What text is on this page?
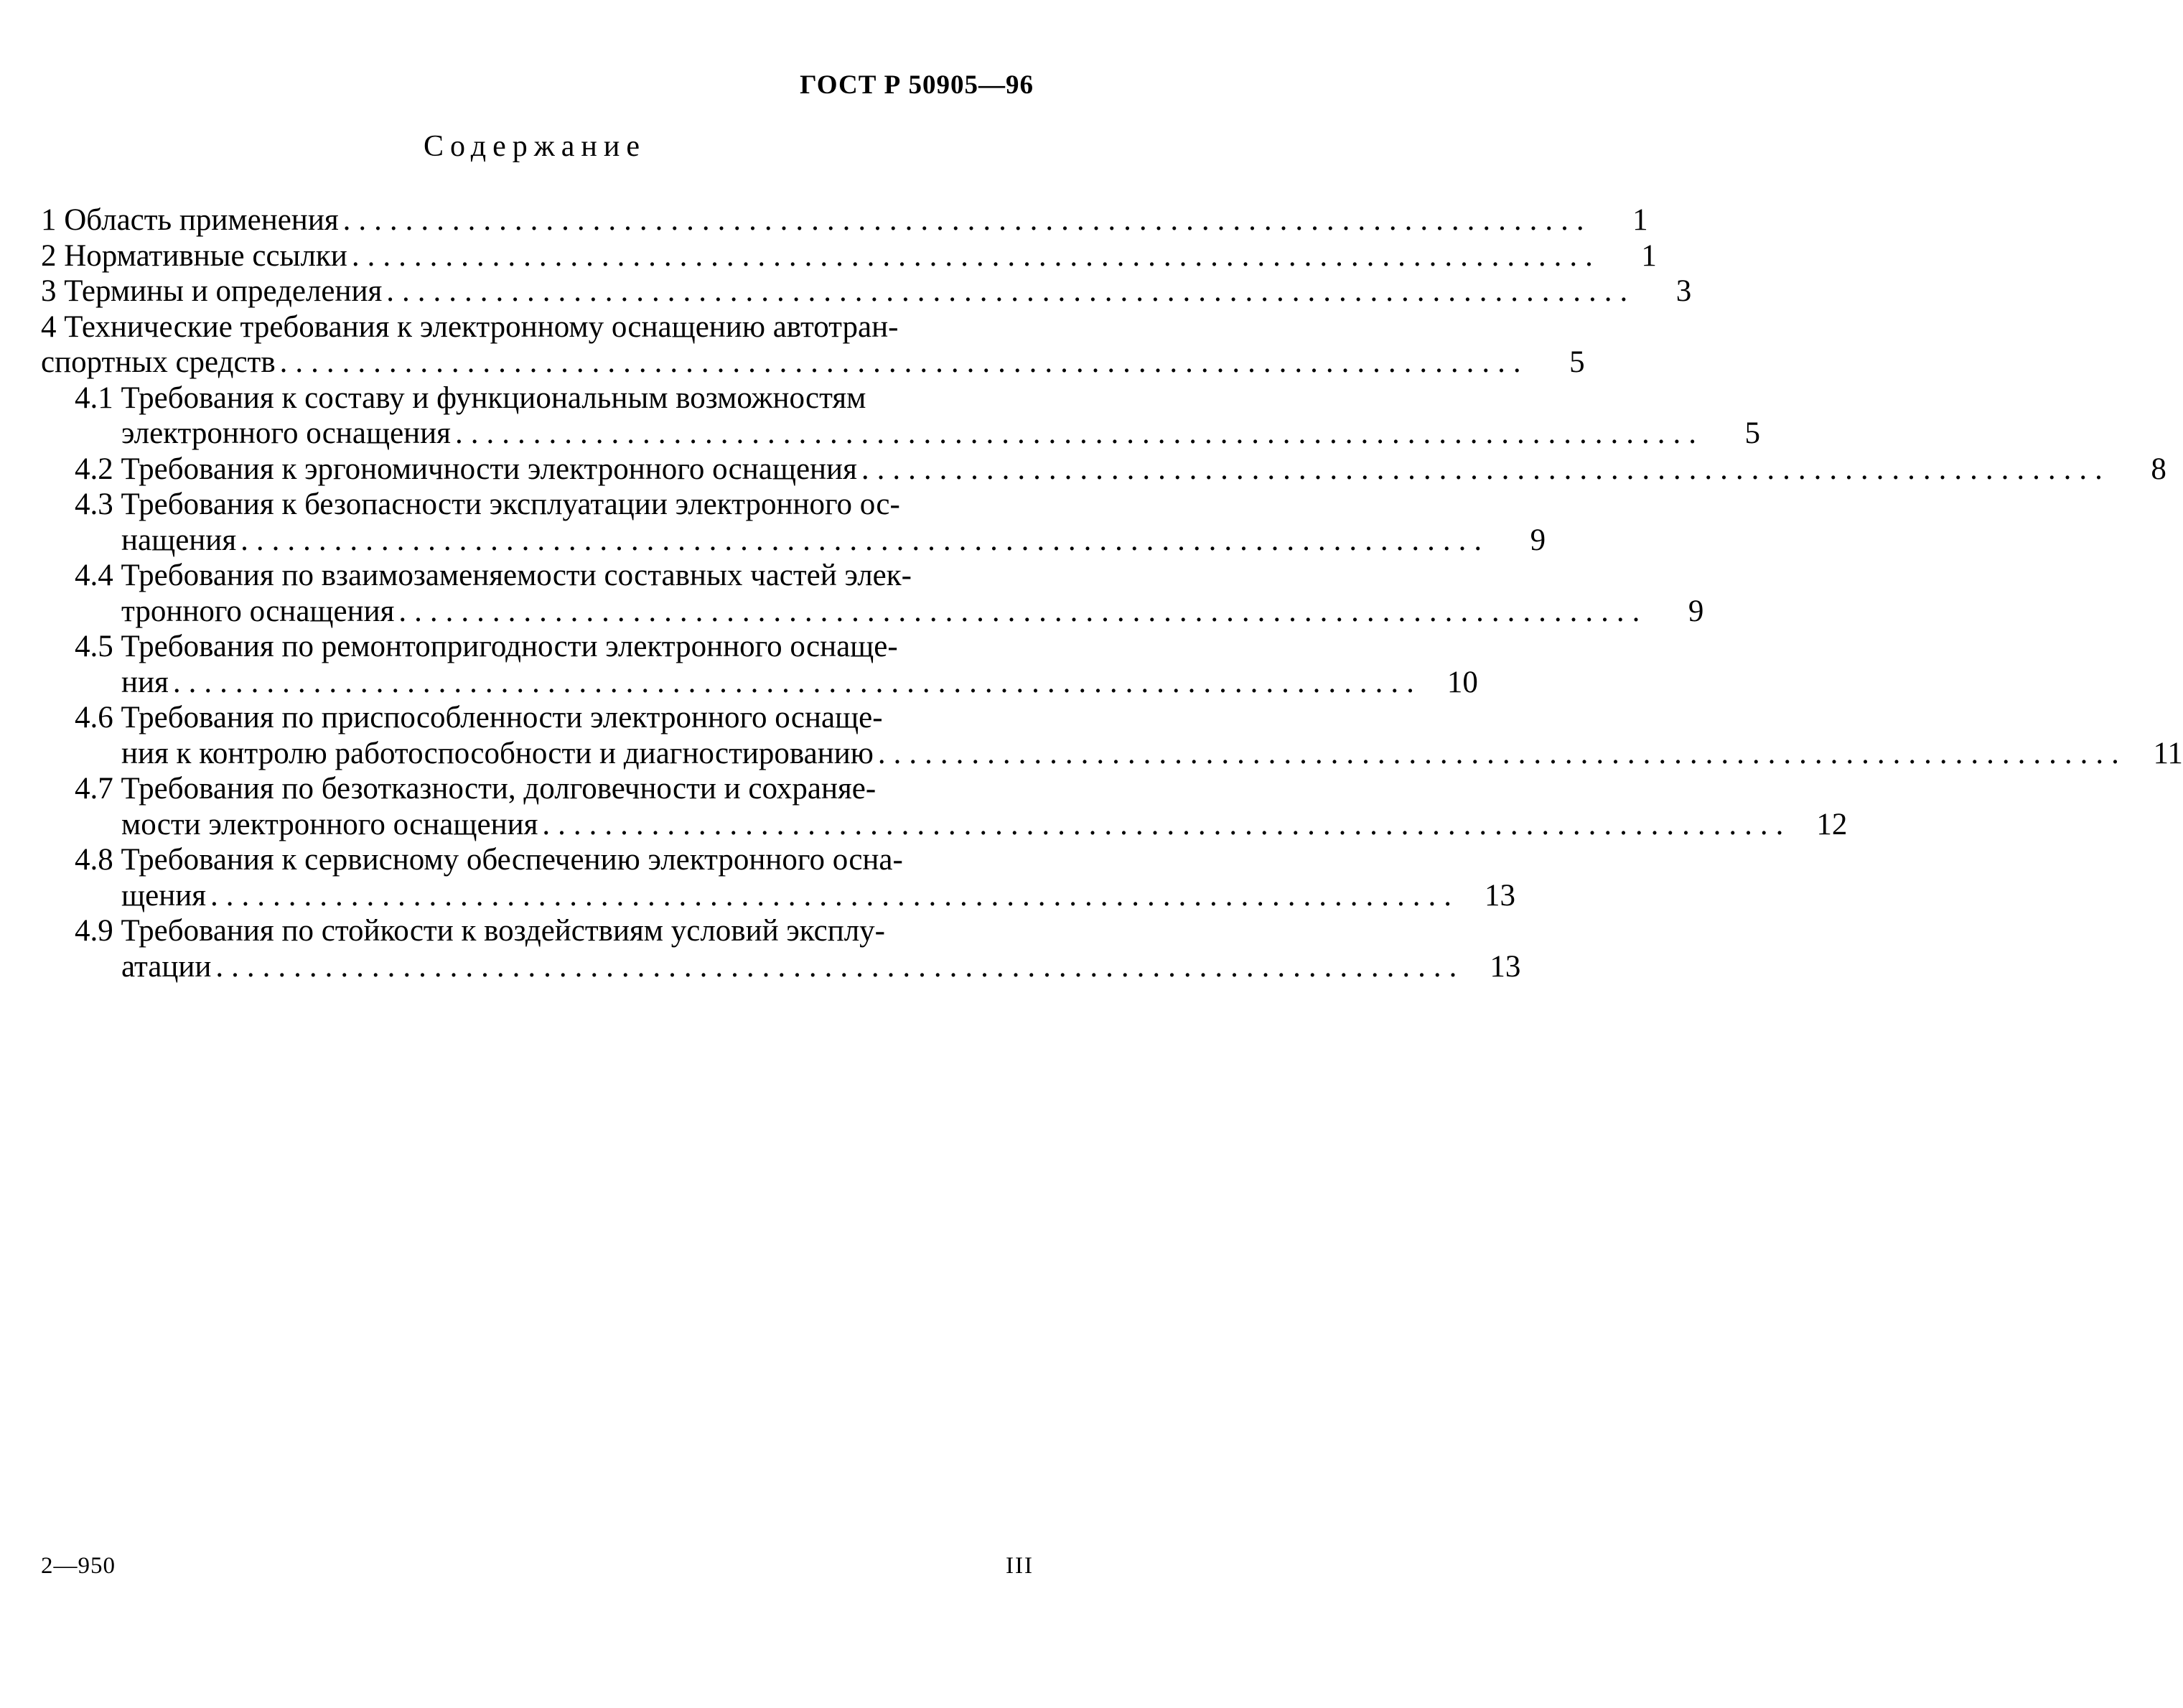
ГОСТ Р 50905—96
Содержание
1 Область применения ................................................................................	1
2 Нормативные ссылки ................................................................................	1
3 Термины и определения ................................................................................	3
4 Технические требования к электронному оснащению автотран-
спортных средств ................................................................................	5
4.1 Требования к составу и функциональным возможностям
электронного оснащения ................................................................................	5
4.2 Требования к эргономичности электронного оснащения ................................................................................	8
4.3 Требования к безопасности эксплуатации электронного ос-
нащения ................................................................................	9
4.4 Требования по взаимозаменяемости составных частей элек-
тронного оснащения ................................................................................	9
4.5 Требования по ремонтопригодности электронного оснаще-
ния ................................................................................ 10
4.6 Требования по приспособленности электронного оснаще-
ния к контролю работоспособности и диагностированию ................................................................................ 11
4.7 Требования по безотказности, долговечности и сохраняе-
мости электронного оснащения ................................................................................ 12
4.8 Требования к сервисному обеспечению электронного осна-
щения ................................................................................ 13
4.9 Требования по стойкости к воздействиям условий эксплу-
атации ................................................................................ 13
2—950	III
